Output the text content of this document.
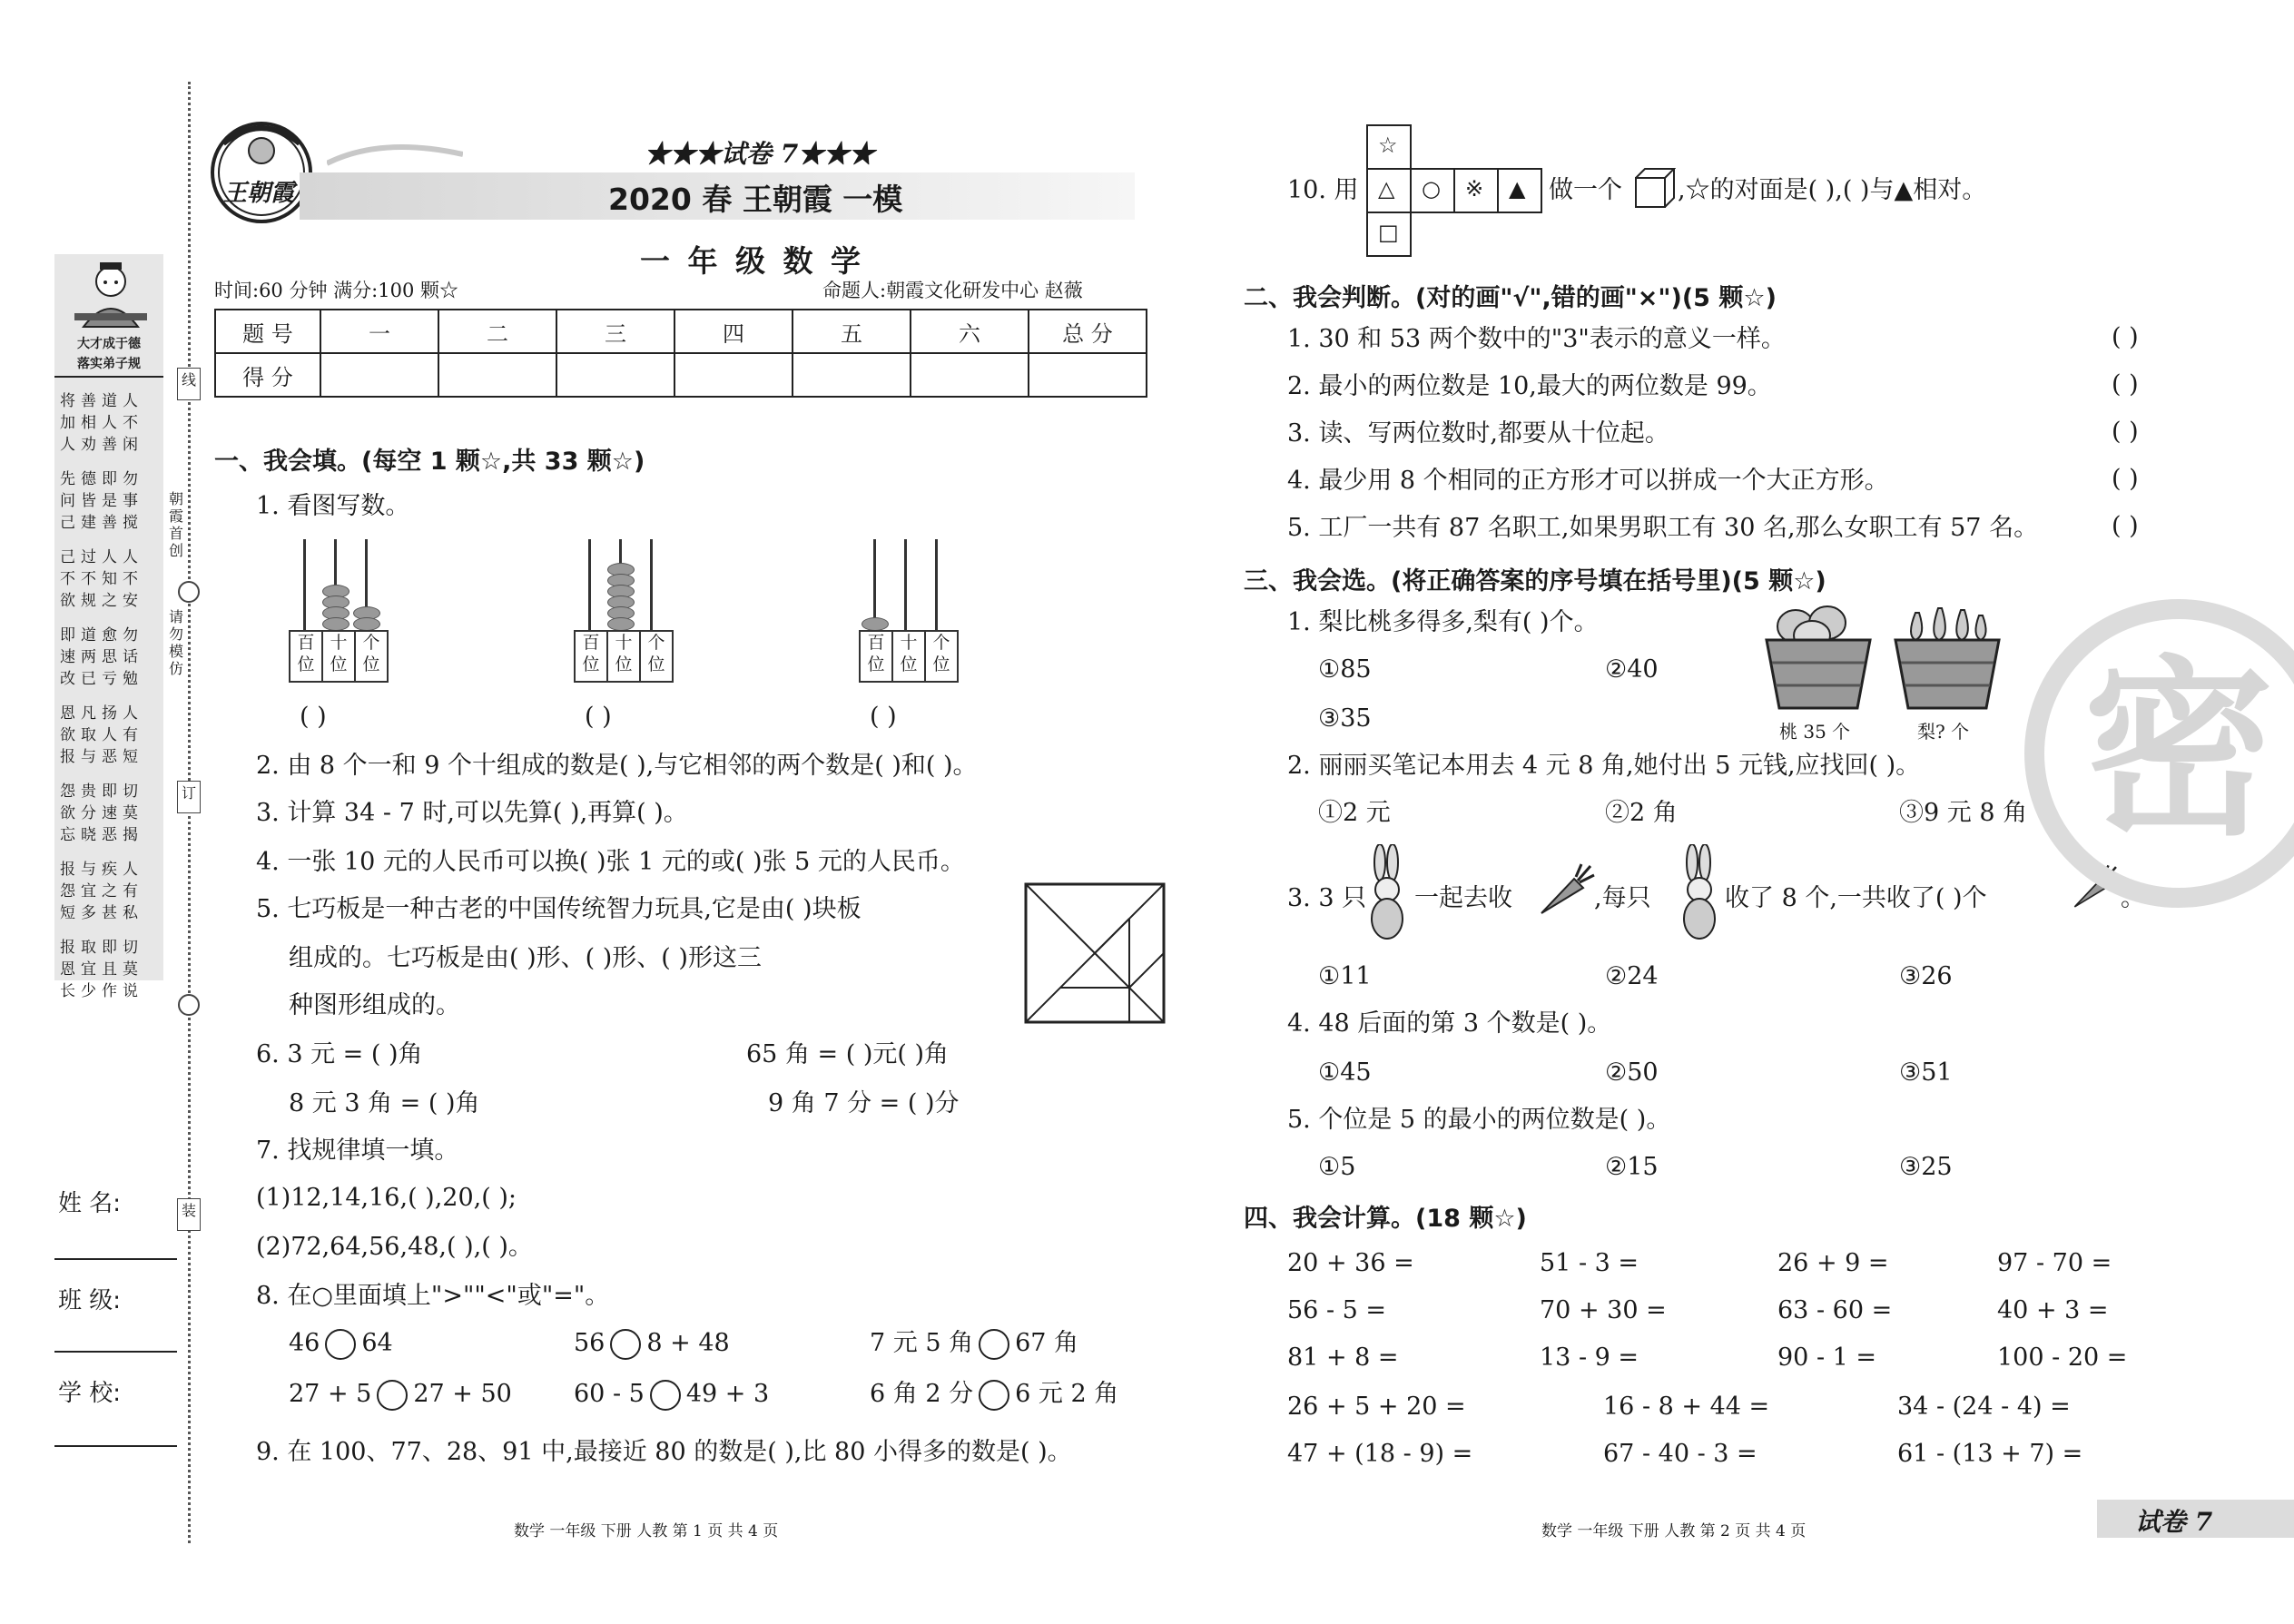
线
订
装
朝霞首创
请勿模仿
大才成于德
落实弟子规
将善道人
加相人不
人劝善闲
先德即勿
问皆是事
己建善搅
己过人人
不不知不
欲规之安
即道愈勿
速两思话
改已亏勉
恩凡扬人
欲取人有
报与恶短
怨贵即切
欲分速莫
忘晓恶揭
报与疾人
怨宜之有
短多甚私
报取即切
恩宜且莫
长少作说
姓 名:
班 级:
学 校:
王朝霞
★★★试卷 7★★★
2020 春 王朝霞 一模
一 年 级 数 学
时间:60 分钟 满分:100 颗☆	命题人:朝霞文化研发中心 赵薇
题 号	一	二	三	四	五	六	总 分
得 分							
一、我会填。(每空 1 颗☆,共 33 颗☆)
1. 看图写数。
百位
十位
个位
( )
百位
十位
个位
( )
百位
十位
个位
( )
2. 由 8 个一和 9 个十组成的数是( ),与它相邻的两个数是( )和( )。
3. 计算 34 - 7 时,可以先算( ),再算( )。
4. 一张 10 元的人民币可以换( )张 1 元的或( )张 5 元的人民币。
5. 七巧板是一种古老的中国传统智力玩具,它是由( )块板
组成的。七巧板是由( )形、( )形、( )形这三
种图形组成的。
6. 3 元 = ( )角	65 角 = ( )元( )角
8 元 3 角 = ( )角	9 角 7 分 = ( )分
7. 找规律填一填。
(1)12,14,16,( ),20,( );
(2)72,64,56,48,( ),( )。
8. 在○里面填上">""<"或"="。
46 64	56 8 + 48	7 元 5 角 67 角
27 + 5 27 + 50	60 - 5 49 + 3	6 角 2 分 6 元 2 角
9. 在 100、77、28、91 中,最接近 80 的数是( ),比 80 小得多的数是( )。
数学 一年级 下册 人教 第 1 页 共 4 页
10. 用
☆
△ ○ ※ ▲
□
做一个 ,☆的对面是( ),( )与▲相对。
二、我会判断。(对的画"√",错的画"×")(5 颗☆)
1. 30 和 53 两个数中的"3"表示的意义一样。
2. 最小的两位数是 10,最大的两位数是 99。
3. 读、写两位数时,都要从十位起。
4. 最少用 8 个相同的正方形才可以拼成一个大正方形。
5. 工厂一共有 87 名职工,如果男职工有 30 名,那么女职工有 57 名。
( )
( )
( )
( )
( )
三、我会选。(将正确答案的序号填在括号里)(5 颗☆)
1. 梨比桃多得多,梨有( )个。
①85	②40
③35	桃 35 个	梨? 个
2. 丽丽买笔记本用去 4 元 8 角,她付出 5 元钱,应找回( )。
①2 元	②2 角	③9 元 8 角
3. 3 只 一起去收	,每只	收了 8 个,一共收了( )个	。
①11	②24	③26
4. 48 后面的第 3 个数是( )。
①45	②50	③51
5. 个位是 5 的最小的两位数是( )。
①5	②15	③25
四、我会计算。(18 颗☆)
20 + 36 =	51 - 3 =	26 + 9 =	97 - 70 =
56 - 5 =	70 + 30 =	63 - 60 =	40 + 3 =
81 + 8 =	13 - 9 =	90 - 1 =	100 - 20 =
26 + 5 + 20 =	16 - 8 + 44 =	34 - (24 - 4) =
47 + (18 - 9) =	67 - 40 - 3 =	61 - (13 + 7) =
密
数学 一年级 下册 人教 第 2 页 共 4 页	试卷 7
